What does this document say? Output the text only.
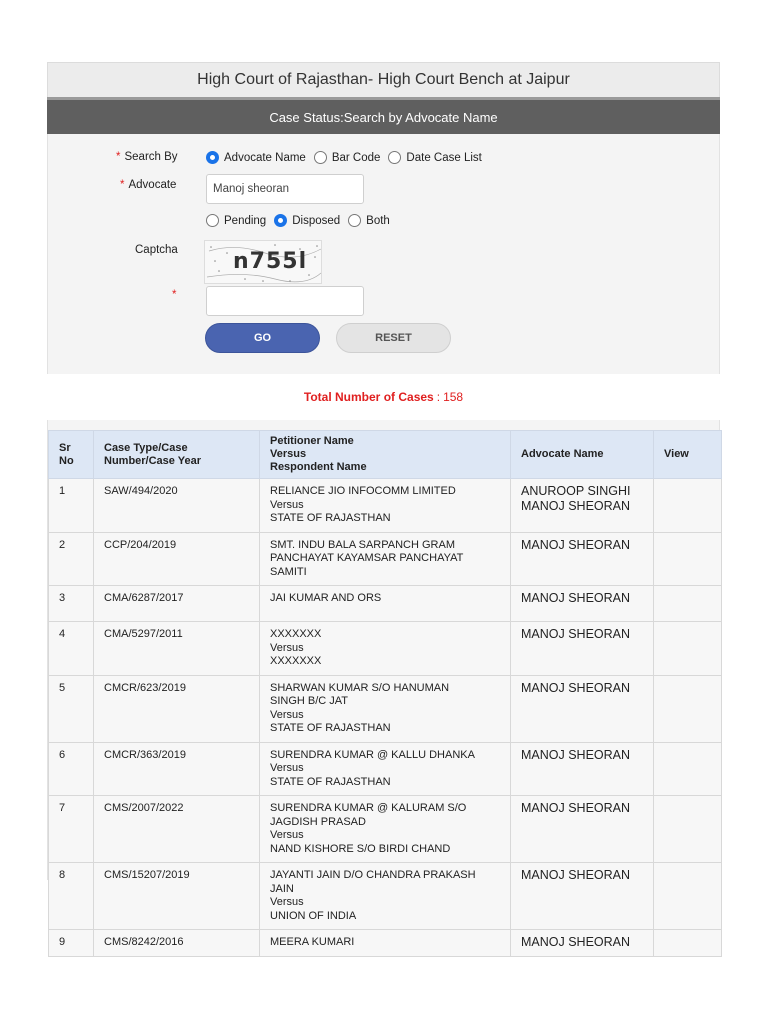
High Court of Rajasthan- High Court Bench at Jaipur
Case Status:Search by Advocate Name
* Search By	Advocate Name Bar Code Date Case List
* Advocate
Manoj sheoran
Pending Disposed Both
Captcha	n755l
*
GO	RESET
Total Number of Cases : 158
Sr
No	Case Type/Case
Number/Case Year	Petitioner Name
Versus
Respondent Name	Advocate Name	View
1	SAW/494/2020	RELIANCE JIO INFOCOMM LIMITED
Versus
STATE OF RAJASTHAN	ANUROOP SINGHI
MANOJ SHEORAN	
2	CCP/204/2019	SMT. INDU BALA SARPANCH GRAM
PANCHAYAT KAYAMSAR PANCHAYAT
SAMITI	MANOJ SHEORAN	
3	CMA/6287/2017	JAI KUMAR AND ORS	MANOJ SHEORAN	
4	CMA/5297/2011	XXXXXXX
Versus
XXXXXXX	MANOJ SHEORAN	
5	CMCR/623/2019	SHARWAN KUMAR S/O HANUMAN
SINGH B/C JAT
Versus
STATE OF RAJASTHAN	MANOJ SHEORAN	
6	CMCR/363/2019	SURENDRA KUMAR @ KALLU DHANKA
Versus
STATE OF RAJASTHAN	MANOJ SHEORAN	
7	CMS/2007/2022	SURENDRA KUMAR @ KALURAM S/O
JAGDISH PRASAD
Versus
NAND KISHORE S/O BIRDI CHAND	MANOJ SHEORAN	
8	CMS/15207/2019	JAYANTI JAIN D/O CHANDRA PRAKASH
JAIN
Versus
UNION OF INDIA	MANOJ SHEORAN	
9	CMS/8242/2016	MEERA KUMARI	MANOJ SHEORAN	
